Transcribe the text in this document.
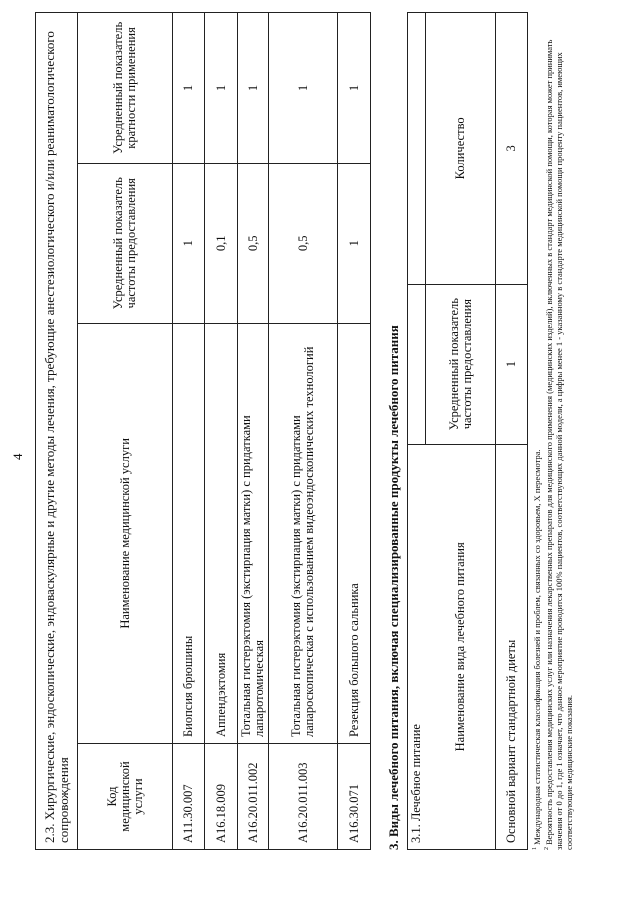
4 2.3. Хирургические, эндоскопические, эндоваскулярные и другие методы лечения, требующие анестезиологического и/или реаниматологического сопровождения			
Код медицинской услуги	Наименование медицинской услуги	Усредненный показатель частоты предоставления	Усредненный показатель кратности применения
A11.30.007	Биопсия брюшины	1	1
A16.18.009	Аппендэктомия	0,1	1
A16.20.011.002	Тотальная гистерэктомия (экстирпация матки) с придатками лапаротомическая	0,5	1
A16.20.011.003	Тотальная гистерэктомия (экстирпация матки) с придатками лапароскопическая с использованием видеоэндоскопических технологий	0,5	1
A16.30.071	Резекция большого сальника	1	1
3. Виды лечебного питания, включая специализированные продукты лечебного питания 3.1. Лечебное питание		
Наименование вида лечебного питания	Усредненный показатель частоты предоставления	Количество
Основной вариант стандартной диеты	1	3

$^1$ Международная статистическая классификация болезней и проблем, связанных со здоровьем, X пересмотра.

$^2$ Вероятность предоставления медицинских услуг или назначения лекарственных препаратов для медицинского применения (медицинских изделий), включенных в стандарт медицинской помощи, которая может принимать значения от 0 до 1, где 1 означает, что данное мероприятие проводится 100% пациентов, соответствующих данной модели, а цифры менее 1 - указанному в стандарте медицинской помощи проценту пациентов, имеющих соответствующие медицинские показания.
